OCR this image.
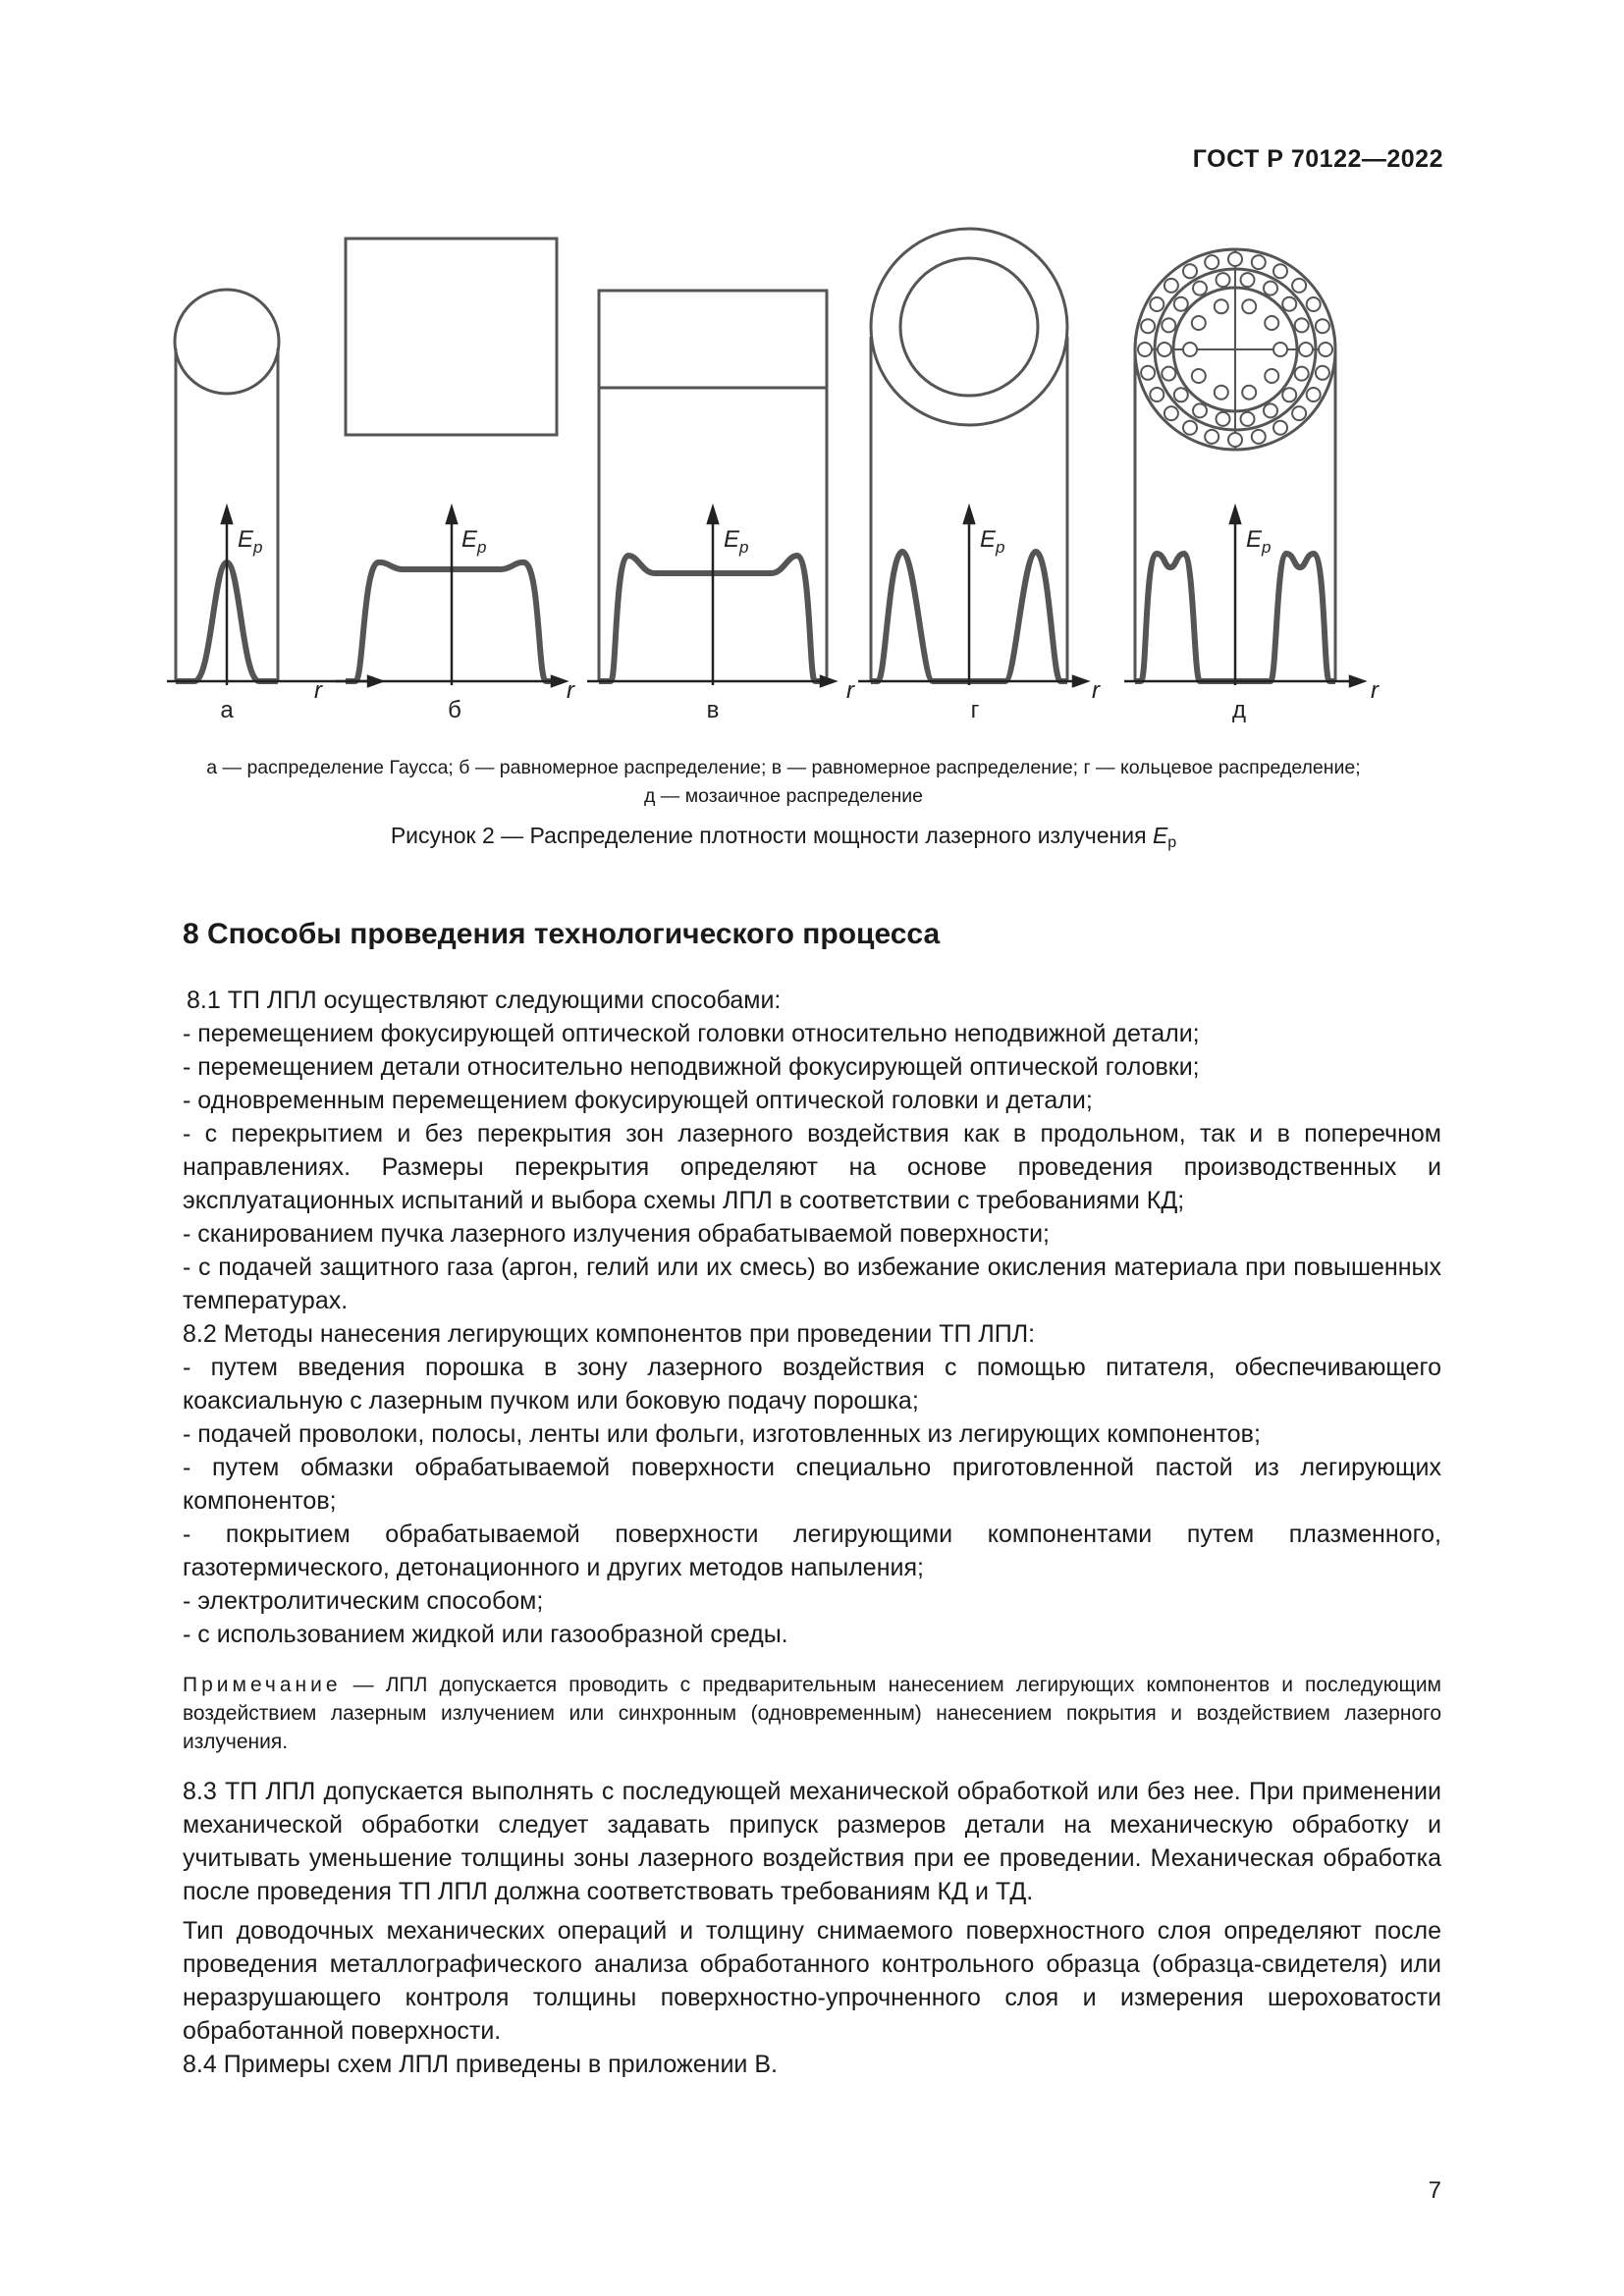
ГОСТ Р 70122—2022
$E_р$	$E_р$	$E_р$	$E_р$	$E_р$
r	r	r	r	r
а	б	в	г	д
а — распределение Гаусса; б — равномерное распределение; в — равномерное распределение; г — кольцевое распределение;
д — мозаичное распределение
Рисунок 2 — Распределение плотности мощности лазерного излучения $E_р$
8 Способы проведения технологического процесса

8.1 ТП ЛПЛ осуществляют следующими способами:

- перемещением фокусирующей оптической головки относительно неподвижной детали;

- перемещением детали относительно неподвижной фокусирующей оптической головки;

- одновременным перемещением фокусирующей оптической головки и детали;

- с перекрытием и без перекрытия зон лазерного воздействия как в продольном, так и в поперечном направлениях. Размеры перекрытия определяют на основе проведения производственных и эксплуатационных испытаний и выбора схемы ЛПЛ в соответствии с требованиями КД;

- сканированием пучка лазерного излучения обрабатываемой поверхности;

- с подачей защитного газа (аргон, гелий или их смесь) во избежание окисления материала при повышенных температурах.

8.2 Методы нанесения легирующих компонентов при проведении ТП ЛПЛ:

- путем введения порошка в зону лазерного воздействия с помощью питателя, обеспечивающего коаксиальную с лазерным пучком или боковую подачу порошка;

- подачей проволоки, полосы, ленты или фольги, изготовленных из легирующих компонентов;

- путем обмазки обрабатываемой поверхности специально приготовленной пастой из легирующих компонентов;

- покрытием обрабатываемой поверхности легирующими компонентами путем плазменного, газотермического, детонационного и других методов напыления;

- электролитическим способом;

- с использованием жидкой или газообразной среды.

Примечание — ЛПЛ допускается проводить с предварительным нанесением легирующих компонентов и последующим воздействием лазерным излучением или синхронным (одновременным) нанесением покрытия и воздействием лазерного излучения.

8.3 ТП ЛПЛ допускается выполнять с последующей механической обработкой или без нее. При применении механической обработки следует задавать припуск размеров детали на механическую обработку и учитывать уменьшение толщины зоны лазерного воздействия при ее проведении. Механическая обработка после проведения ТП ЛПЛ должна соответствовать требованиям КД и ТД.

Тип доводочных механических операций и толщину снимаемого поверхностного слоя определяют после проведения металлографического анализа обработанного контрольного образца (образца-свидетеля) или неразрушающего контроля толщины поверхностно-упрочненного слоя и измерения шероховатости обработанной поверхности.

8.4 Примеры схем ЛПЛ приведены в приложении В.

7
